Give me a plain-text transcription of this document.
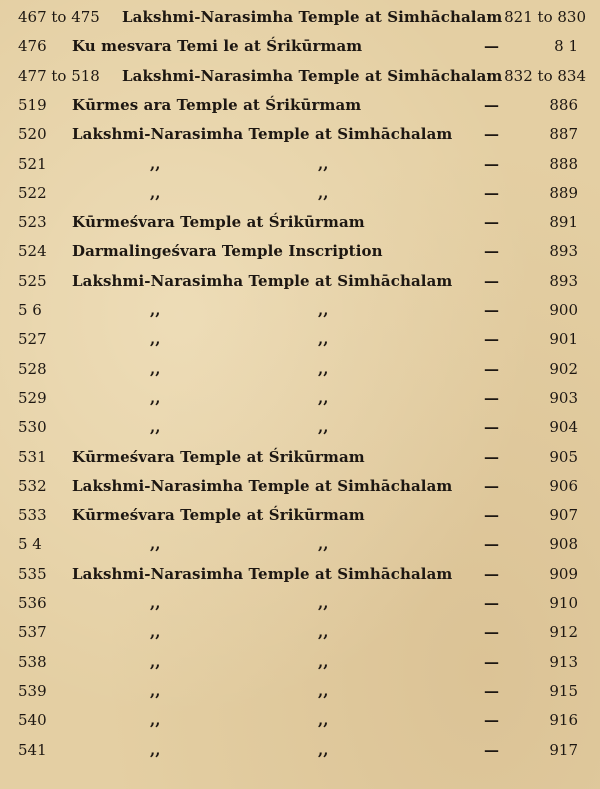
467 to 475 Lakshmi-Narasimha Temple at Simhāchalam 821 to 830
476 Ku mesvara Temi le at Śrikūrmam	—	8 1
477 to 518 Lakshmi-Narasimha Temple at Simhāchalam 832 to 834
519 Kūrmes ara Temple at Śrikūrmam	—	886
520 Lakshmi-Narasimha Temple at Simhāchalam —	887
521	,,	,,	—	888
522	,,	,,	—	889
523 Kūrmeśvara Temple at Śrikūrmam	—	891
524 Darmalingeśvara Temple Inscription	—	893
525 Lakshmi-Narasimha Temple at Simhāchalam —	893
5 6	,,	,,	—	900
527	,,	,,	—	901
528	,,	,,	—	902
529	,,	,,	—	903
530	,,	,,	—	904
531 Kūrmeśvara Temple at Śrikūrmam	—	905
532 Lakshmi-Narasimha Temple at Simhāchalam —	906
533 Kūrmeśvara Temple at Śrikūrmam	—	907
5 4	,,	,,	—	908
535 Lakshmi-Narasimha Temple at Simhāchalam —	909
536	,,	,,	—	910
537	,,	,,	—	912
538	,,	,,	—	913
539	,,	,,	—	915
540	,,	,,	—	916
541	,,	,,	—	917
